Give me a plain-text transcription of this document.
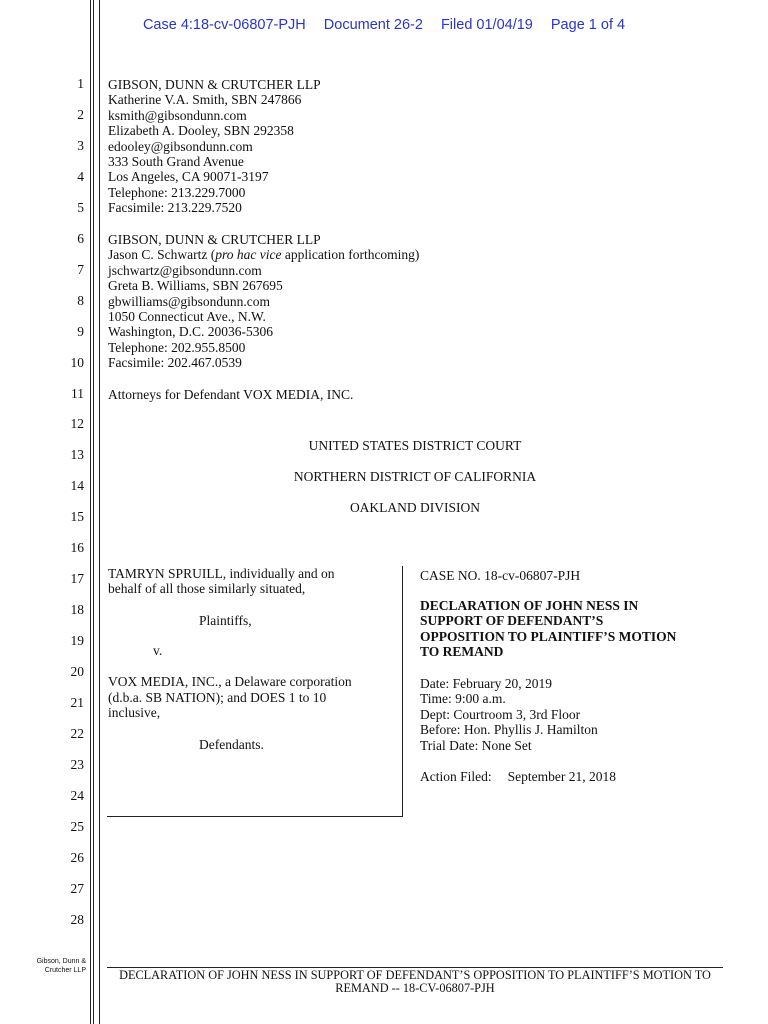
Case 4:18-cv-06807-PJH Document 26-2 Filed 01/04/19 Page 1 of 4
1
2
3
4
5
6
7
8
9
10
11
12
13
14
15
16
17
18
19
20
21
22
23
24
25
26
27
28
GIBSON, DUNN & CRUTCHER LLP
Katherine V.A. Smith, SBN 247866
ksmith@gibsondunn.com
Elizabeth A. Dooley, SBN 292358
edooley@gibsondunn.com
333 South Grand Avenue
Los Angeles, CA 90071-3197
Telephone: 213.229.7000
Facsimile: 213.229.7520
GIBSON, DUNN & CRUTCHER LLP
Jason C. Schwartz (pro hac vice application forthcoming)
jschwartz@gibsondunn.com
Greta B. Williams, SBN 267695
gbwilliams@gibsondunn.com
1050 Connecticut Ave., N.W.
Washington, D.C. 20036-5306
Telephone: 202.955.8500
Facsimile: 202.467.0539
Attorneys for Defendant VOX MEDIA, INC.
UNITED STATES DISTRICT COURT
NORTHERN DISTRICT OF CALIFORNIA
OAKLAND DIVISION
TAMRYN SPRUILL, individually and on
behalf of all those similarly situated,
Plaintiffs,
v.
VOX MEDIA, INC., a Delaware corporation
(d.b.a. SB NATION); and DOES 1 to 10
inclusive,
Defendants.
CASE NO. 18-cv-06807-PJH
DECLARATION OF JOHN NESS IN
SUPPORT OF DEFENDANT’S
OPPOSITION TO PLAINTIFF’S MOTION
TO REMAND
Date: February 20, 2019
Time: 9:00 a.m.
Dept: Courtroom 3, 3rd Floor
Before: Hon. Phyllis J. Hamilton
Trial Date: None Set
Action Filed: September 21, 2018
Gibson, Dunn &
Crutcher LLP	DECLARATION OF JOHN NESS IN SUPPORT OF DEFENDANT’S OPPOSITION TO PLAINTIFF’S MOTION TO
REMAND -- 18-CV-06807-PJH
